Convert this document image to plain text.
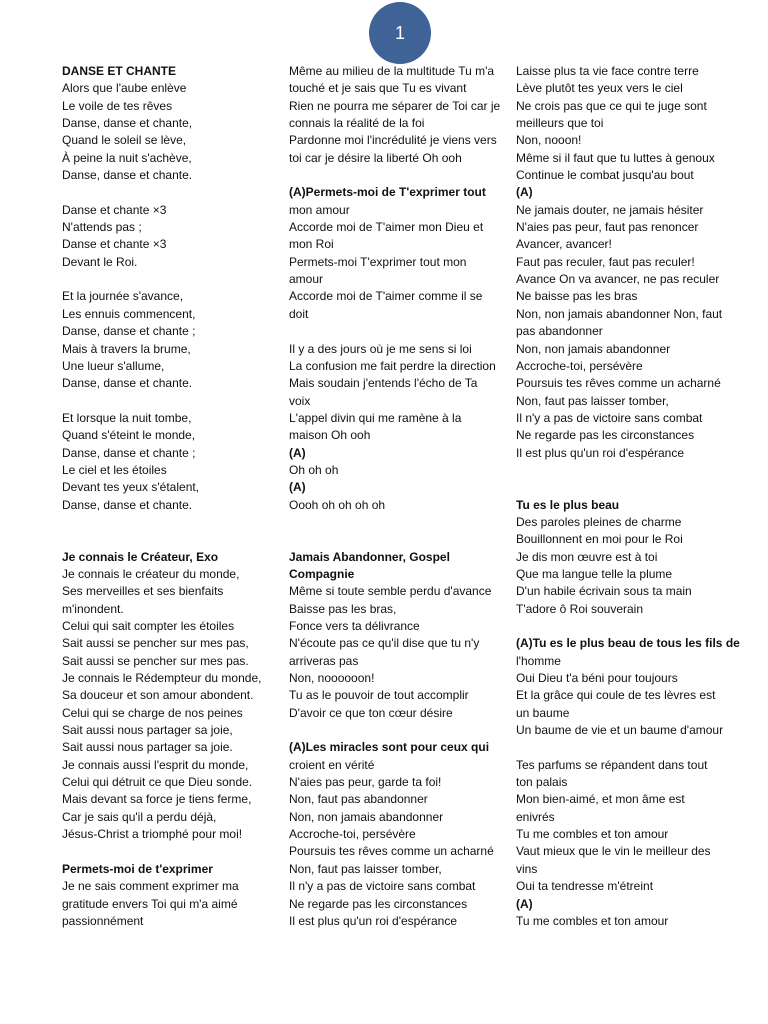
1
DANSE ET CHANTE
Alors que l'aube enlève
Le voile de tes rêves
Danse, danse et chante,
Quand le soleil se lève,
À peine la nuit s'achève,
Danse, danse et chante.
Danse et chante ×3
N'attends pas ;
Danse et chante ×3
Devant le Roi.
Et la journée s'avance,
Les ennuis commencent,
Danse, danse et chante ;
Mais à travers la brume,
Une lueur s'allume,
Danse, danse et chante.
Et lorsque la nuit tombe,
Quand s'éteint le monde,
Danse, danse et chante ;
Le ciel et les étoiles
Devant tes yeux s'étalent,
Danse, danse et chante.
Je connais le Créateur, Exo
Je connais le créateur du monde,
Ses merveilles et ses bienfaits
m'inondent.
Celui qui sait compter les étoiles
Sait aussi se pencher sur mes pas,
Sait aussi se pencher sur mes pas.
Je connais le Rédempteur du monde,
Sa douceur et son amour abondent.
Celui qui se charge de nos peines
Sait aussi nous partager sa joie,
Sait aussi nous partager sa joie.
Je connais aussi l'esprit du monde,
Celui qui détruit ce que Dieu sonde.
Mais devant sa force je tiens ferme,
Car je sais qu'il a perdu déjà,
Jésus-Christ a triomphé pour moi!
Permets-moi de t'exprimer
Je ne sais comment exprimer ma
gratitude envers Toi qui m'a aimé
passionnément
Même au milieu de la multitude Tu m'a
touché et je sais que Tu es vivant
Rien ne pourra me séparer de Toi car je
connais la réalité de la foi
Pardonne moi l'incrédulité je viens vers
toi car je désire la liberté Oh ooh
(A)Permets-moi de T'exprimer tout
mon amour
Accorde moi de T'aimer mon Dieu et
mon Roi
Permets-moi T'exprimer tout mon
amour
Accorde moi de T'aimer comme il se
doit
Il y a des jours où je me sens si loi
La confusion me fait perdre la direction
Mais soudain j'entends l'écho de Ta
voix
L'appel divin qui me ramène à la
maison Oh ooh
(A)
Oh oh oh
(A)
Oooh oh oh oh oh
Jamais Abandonner, Gospel
Compagnie
Même si toute semble perdu d'avance
Baisse pas les bras,
Fonce vers ta délivrance
N'écoute pas ce qu'il dise que tu n'y
arriveras pas
Non, noooooon!
Tu as le pouvoir de tout accomplir
D'avoir ce que ton cœur désire
(A)Les miracles sont pour ceux qui
croient en vérité
N'aies pas peur, garde ta foi!
Non, faut pas abandonner
Non, non jamais abandonner
Accroche-toi, persévère
Poursuis tes rêves comme un acharné
Non, faut pas laisser tomber,
Il n'y a pas de victoire sans combat
Ne regarde pas les circonstances
Il est plus qu'un roi d'espérance
Laisse plus ta vie face contre terre
Lève plutôt tes yeux vers le ciel
Ne crois pas que ce qui te juge sont
meilleurs que toi
Non, nooon!
Même si il faut que tu luttes à genoux
Continue le combat jusqu'au bout
(A)
Ne jamais douter, ne jamais hésiter
N'aies pas peur, faut pas renoncer
Avancer, avancer!
Faut pas reculer, faut pas reculer!
Avance On va avancer, ne pas reculer
Ne baisse pas les bras
Non, non jamais abandonner Non, faut
pas abandonner
Non, non jamais abandonner
Accroche-toi, persévère
Poursuis tes rêves comme un acharné
Non, faut pas laisser tomber,
Il n'y a pas de victoire sans combat
Ne regarde pas les circonstances
Il est plus qu'un roi d'espérance
Tu es le plus beau
Des paroles pleines de charme
Bouillonnent en moi pour le Roi
Je dis mon œuvre est à toi
Que ma langue telle la plume
D'un habile écrivain sous ta main
T'adore ô Roi souverain
(A)Tu es le plus beau de tous les fils de
l'homme
Oui Dieu t'a béni pour toujours
Et la grâce qui coule de tes lèvres est
un baume
Un baume de vie et un baume d'amour
Tes parfums se répandent dans tout
ton palais
Mon bien-aimé, et mon âme est
enivrés
Tu me combles et ton amour
Vaut mieux que le vin le meilleur des
vins
Oui ta tendresse m'étreint
(A)
Tu me combles et ton amour
